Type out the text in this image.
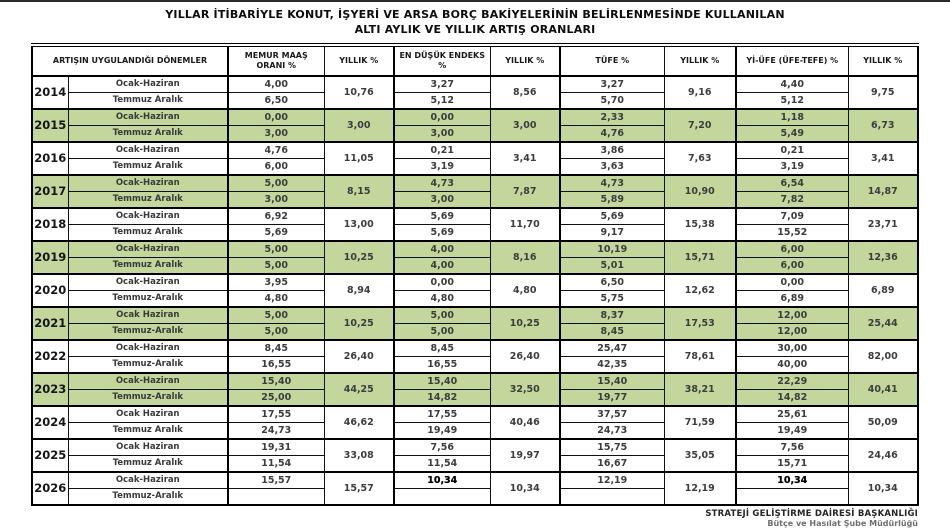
YILLAR İTİBARİYLE KONUT, İŞYERİ VE ARSA BORÇ BAKİYELERİNİN BELİRLENMESİNDE KULLANILAN
ALTI AYLIK VE YILLIK ARTIŞ ORANLARI
ARTIŞIN UYGULANDIĞI DÖNEMLER		MEMUR MAAŞ ORANI %	YILLIK %	EN DÜŞÜK ENDEKS %	YILLIK %	TÜFE %	YILLIK %	Yİ-ÜFE (ÜFE-TEFE) %	YILLIK %
2014	Ocak-Haziran	4,00	10,76	3,27	8,56	3,27	9,16	4,40	9,75
	Temmuz Aralık	6,50		5,12		5,70		5,12	
2015	Ocak-Haziran	0,00	3,00	0,00	3,00	2,33	7,20	1,18	6,73
	Temmuz Aralık	3,00		3,00		4,76		5,49	
2016	Ocak-Haziran	4,76	11,05	0,21	3,41	3,86	7,63	0,21	3,41
	Temmuz Aralık	6,00		3,19		3,63		3,19	
2017	Ocak-Haziran	5,00	8,15	4,73	7,87	4,73	10,90	6,54	14,87
	Temmuz Aralık	3,00		3,00		5,89		7,82	
2018	Ocak-Haziran	6,92	13,00	5,69	11,70	5,69	15,38	7,09	23,71
	Temmuz Aralık	5,69		5,69		9,17		15,52	
2019	Ocak-Haziran	5,00	10,25	4,00	8,16	10,19	15,71	6,00	12,36
	Temmuz Aralık	5,00		4,00		5,01		6,00	
2020	Ocak-Haziran	3,95	8,94	0,00	4,80	6,50	12,62	0,00	6,89
	Temmuz-Aralık	4,80		4,80		5,75		6,89	
2021	Ocak Haziran	5,00	10,25	5,00	10,25	8,37	17,53	12,00	25,44
	Temmuz-Aralık	5,00		5,00		8,45		12,00	
2022	Ocak-Haziran	8,45	26,40	8,45	26,40	25,47	78,61	30,00	82,00
	Temmuz-Aralık	16,55		16,55		42,35		40,00	
2023	Ocak-Haziran	15,40	44,25	15,40	32,50	15,40	38,21	22,29	40,41
	Temmuz-Aralık	25,00		14,82		19,77		14,82	
2024	Ocak Haziran	17,55	46,62	17,55	40,46	37,57	71,59	25,61	50,09
	Temmuz Aralık	24,73		19,49		24,73		19,49	
2025	Ocak Haziran	19,31	33,08	7,56	19,97	15,75	35,05	7,56	24,46
	Temmuz Aralık	11,54		11,54		16,67		15,71	
2026	Ocak-Haziran	15,57	15,57	10,34	10,34	12,19	12,19	10,34	10,34
	Temmuz-Aralık								
STRATEJİ GELİŞTİRME DAİRESİ BAŞKANLIĞI
Bütçe ve Hasılat Şube Müdürlüğü
